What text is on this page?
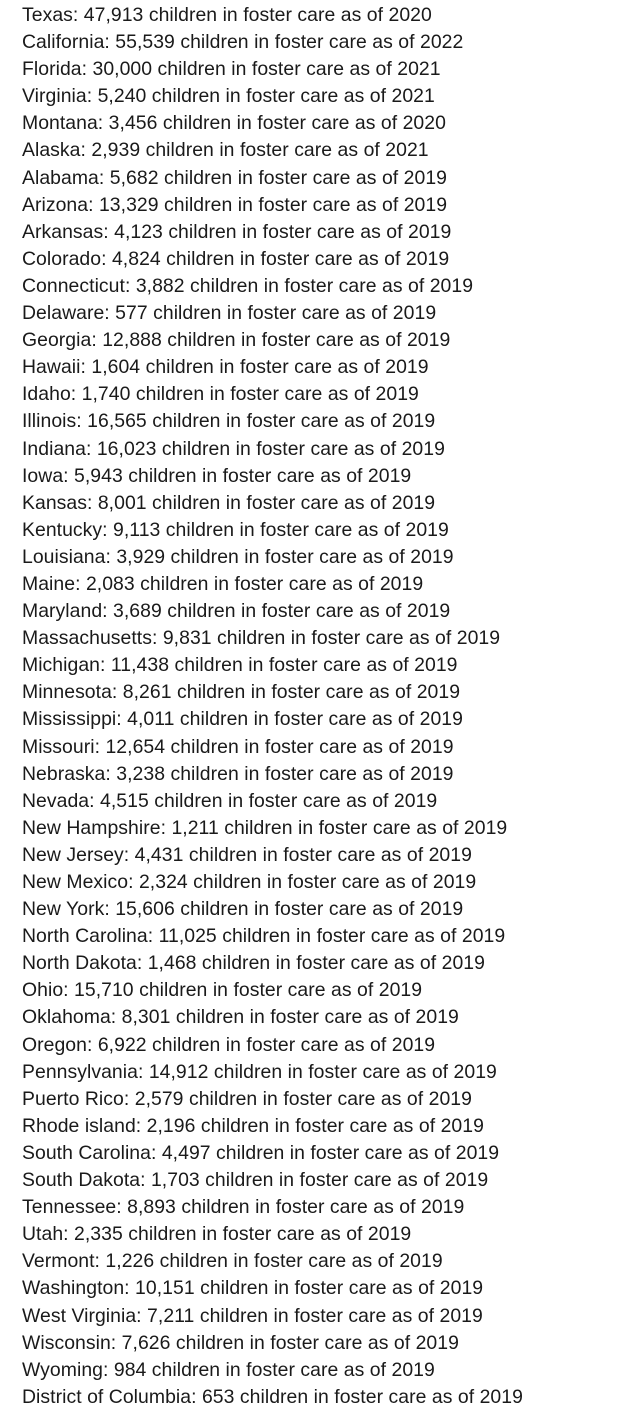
Texas: 47,913 children in foster care as of 2020
California: 55,539 children in foster care as of 2022
Florida: 30,000 children in foster care as of 2021
Virginia: 5,240 children in foster care as of 2021
Montana: 3,456 children in foster care as of 2020
Alaska: 2,939 children in foster care as of 2021
Alabama: 5,682 children in foster care as of 2019
Arizona: 13,329 children in foster care as of 2019
Arkansas: 4,123 children in foster care as of 2019
Colorado: 4,824 children in foster care as of 2019
Connecticut: 3,882 children in foster care as of 2019
Delaware: 577 children in foster care as of 2019
Georgia: 12,888 children in foster care as of 2019
Hawaii: 1,604 children in foster care as of 2019
Idaho: 1,740 children in foster care as of 2019
Illinois: 16,565 children in foster care as of 2019
Indiana: 16,023 children in foster care as of 2019
Iowa: 5,943 children in foster care as of 2019
Kansas: 8,001 children in foster care as of 2019
Kentucky: 9,113 children in foster care as of 2019
Louisiana: 3,929 children in foster care as of 2019
Maine: 2,083 children in foster care as of 2019
Maryland: 3,689 children in foster care as of 2019
Massachusetts: 9,831 children in foster care as of 2019
Michigan: 11,438 children in foster care as of 2019
Minnesota: 8,261 children in foster care as of 2019
Mississippi: 4,011 children in foster care as of 2019
Missouri: 12,654 children in foster care as of 2019
Nebraska: 3,238 children in foster care as of 2019
Nevada: 4,515 children in foster care as of 2019
New Hampshire: 1,211 children in foster care as of 2019
New Jersey: 4,431 children in foster care as of 2019
New Mexico: 2,324 children in foster care as of 2019
New York: 15,606 children in foster care as of 2019
North Carolina: 11,025 children in foster care as of 2019
North Dakota: 1,468 children in foster care as of 2019
Ohio: 15,710 children in foster care as of 2019
Oklahoma: 8,301 children in foster care as of 2019
Oregon: 6,922 children in foster care as of 2019
Pennsylvania: 14,912 children in foster care as of 2019
Puerto Rico: 2,579 children in foster care as of 2019
Rhode island: 2,196 children in foster care as of 2019
South Carolina: 4,497 children in foster care as of 2019
South Dakota: 1,703 children in foster care as of 2019
Tennessee: 8,893 children in foster care as of 2019
Utah: 2,335 children in foster care as of 2019
Vermont: 1,226 children in foster care as of 2019
Washington: 10,151 children in foster care as of 2019
West Virginia: 7,211 children in foster care as of 2019
Wisconsin: 7,626 children in foster care as of 2019
Wyoming: 984 children in foster care as of 2019
District of Columbia: 653 children in foster care as of 2019
